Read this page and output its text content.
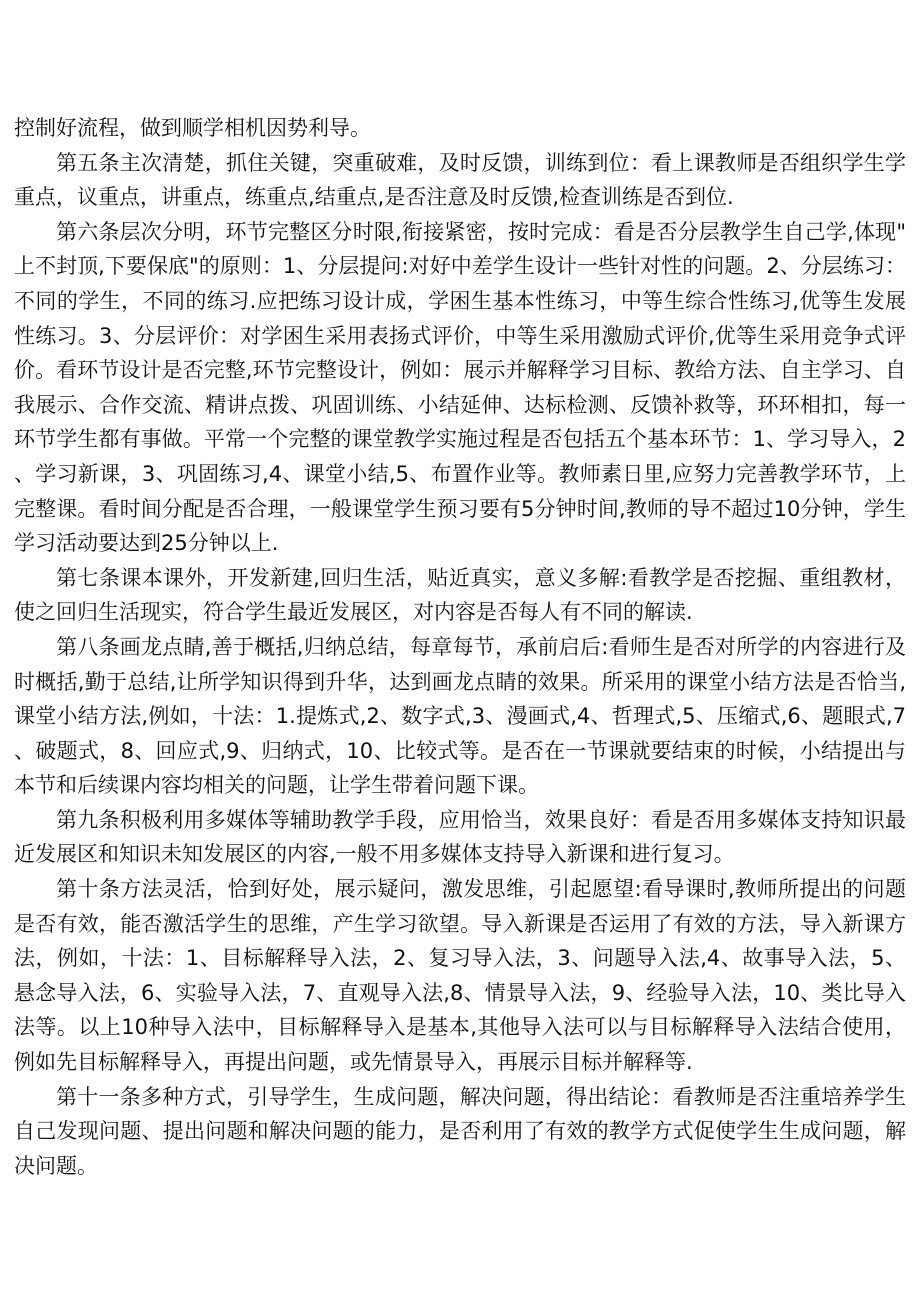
控制好流程，做到顺学相机因势利导。

第五条主次清楚，抓住关键，突重破难，及时反馈，训练到位：看上课教师是否组织学生学重点，议重点，讲重点，练重点,结重点,是否注意及时反馈,检查训练是否到位.

第六条层次分明，环节完整区分时限,衔接紧密，按时完成：看是否分层教学生自己学,体现"上不封顶,下要保底"的原则：1、分层提问:对好中差学生设计一些针对性的问题。2、分层练习：不同的学生，不同的练习.应把练习设计成，学困生基本性练习，中等生综合性练习,优等生发展性练习。3、分层评价：对学困生采用表扬式评价，中等生采用激励式评价,优等生采用竞争式评价。看环节设计是否完整,环节完整设计，例如：展示并解释学习目标、教给方法、自主学习、自我展示、合作交流、精讲点拨、巩固训练、小结延伸、达标检测、反馈补救等，环环相扣，每一环节学生都有事做。平常一个完整的课堂教学实施过程是否包括五个基本环节：1、学习导入，2、学习新课，3、巩固练习,4、课堂小结,5、布置作业等。教师素日里,应努力完善教学环节，上完整课。看时间分配是否合理，一般课堂学生预习要有5分钟时间,教师的导不超过10分钟，学生学习活动要达到25分钟以上.

第七条课本课外，开发新建,回归生活，贴近真实，意义多解:看教学是否挖掘、重组教材，使之回归生活现实，符合学生最近发展区，对内容是否每人有不同的解读.

第八条画龙点睛,善于概括,归纳总结，每章每节，承前启后:看师生是否对所学的内容进行及时概括,勤于总结,让所学知识得到升华，达到画龙点睛的效果。所采用的课堂小结方法是否恰当,课堂小结方法,例如，十法：1.提炼式,2、数字式,3、漫画式,4、哲理式,5、压缩式,6、题眼式,7、破题式，8、回应式,9、归纳式，10、比较式等。是否在一节课就要结束的时候，小结提出与本节和后续课内容均相关的问题，让学生带着问题下课。

第九条积极利用多媒体等辅助教学手段，应用恰当，效果良好：看是否用多媒体支持知识最近发展区和知识未知发展区的内容,一般不用多媒体支持导入新课和进行复习。

第十条方法灵活，恰到好处，展示疑问，激发思维，引起愿望:看导课时,教师所提出的问题是否有效，能否激活学生的思维，产生学习欲望。导入新课是否运用了有效的方法，导入新课方法，例如，十法：1、目标解释导入法，2、复习导入法，3、问题导入法,4、故事导入法，5、悬念导入法，6、实验导入法，7、直观导入法,8、情景导入法，9、经验导入法，10、类比导入法等。以上10种导入法中，目标解释导入是基本,其他导入法可以与目标解释导入法结合使用，例如先目标解释导入，再提出问题，或先情景导入，再展示目标并解释等.

第十一条多种方式，引导学生，生成问题，解决问题，得出结论：看教师是否注重培养学生自己发现问题、提出问题和解决问题的能力，是否利用了有效的教学方式促使学生生成问题，解决问题。
